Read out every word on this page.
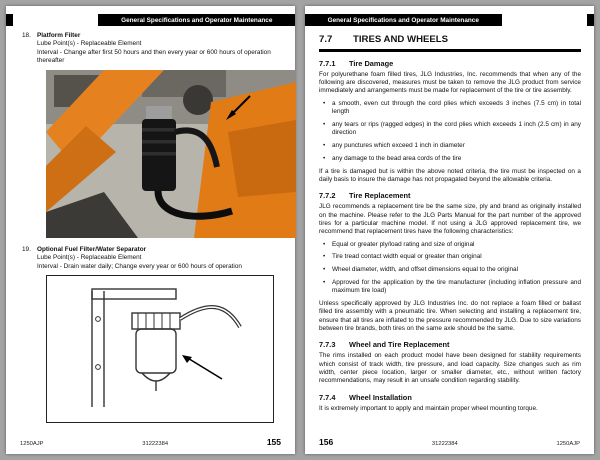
General Specifications and Operator Maintenance
18. Platform Filter
Lube Point(s) - Replaceable Element
Interval - Change after first 50 hours and then every year or 600 hours of operation thereafter
19. Optional Fuel Filter/Water Separator
Lube Point(s) - Replaceable Element
Interval - Drain water daily; Change every year or 600 hours of operation
1250AJP	31222384	155
General Specifications and Operator Maintenance
7.7	TIRES AND WHEELS
7.7.1	Tire Damage

For polyurethane foam filled tires, JLG Industries, Inc. recommends that when any of the following are discovered, measures must be taken to remove the JLG product from service immediately and arrangements must be made for replacement of the tire or tire assembly.

•	a smooth, even cut through the cord plies which exceeds 3 inches (7.5 cm) in total length
•	any tears or rips (ragged edges) in the cord plies which exceeds 1 inch (2.5 cm) in any direction
•	any punctures which exceed 1 inch in diameter
•	any damage to the bead area cords of the tire

If a tire is damaged but is within the above noted criteria, the tire must be inspected on a daily basis to insure the damage has not propagated beyond the allowable criteria.

7.7.2	Tire Replacement

JLG recommends a replacement tire be the same size, ply and brand as originally installed on the machine. Please refer to the JLG Parts Manual for the part number of the approved tires for a particular machine model. If not using a JLG approved replacement tire, we recommend that replacement tires have the following characteristics:

•	Equal or greater ply/load rating and size of original
•	Tire tread contact width equal or greater than original
•	Wheel diameter, width, and offset dimensions equal to the original
•	Approved for the application by the tire manufacturer (including inflation pressure and maximum tire load)

Unless specifically approved by JLG Industries Inc. do not replace a foam filled or ballast filled tire assembly with a pneumatic tire. When selecting and installing a replacement tire, ensure that all tires are inflated to the pressure recommended by JLG. Due to size variations between tire brands, both tires on the same axle should be the same.

7.7.3	Wheel and Tire Replacement

The rims installed on each product model have been designed for stability requirements which consist of track width, tire pressure, and load capacity. Size changes such as rim width, center piece location, larger or smaller diameter, etc., without written factory recommendations, may result in an unsafe condition regarding stability.

7.7.4	Wheel Installation

It is extremely important to apply and maintain proper wheel mounting torque.

156	31222384	1250AJP
